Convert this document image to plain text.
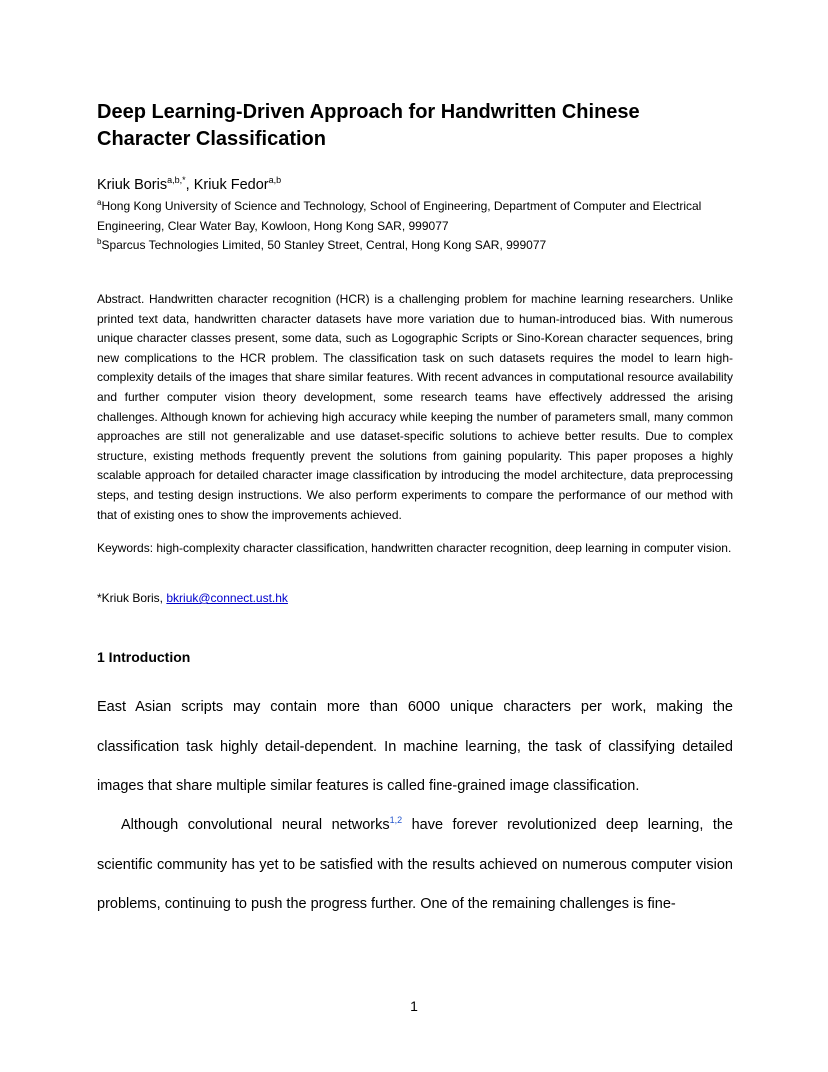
Deep Learning-Driven Approach for Handwritten Chinese
Character Classification
Kriuk Boris$^{a,b,*}$, Kriuk Fedor$^{a,b}$
$^a$Hong Kong University of Science and Technology, School of Engineering, Department of Computer and Electrical Engineering, Clear Water Bay, Kowloon, Hong Kong SAR, 999077
$^b$Sparcus Technologies Limited, 50 Stanley Street, Central, Hong Kong SAR, 999077
Abstract. Handwritten character recognition (HCR) is a challenging problem for machine learning researchers. Unlike printed text data, handwritten character datasets have more variation due to human-introduced bias. With numerous unique character classes present, some data, such as Logographic Scripts or Sino-Korean character sequences, bring new complications to the HCR problem. The classification task on such datasets requires the model to learn high-complexity details of the images that share similar features. With recent advances in computational resource availability and further computer vision theory development, some research teams have effectively addressed the arising challenges. Although known for achieving high accuracy while keeping the number of parameters small, many common approaches are still not generalizable and use dataset-specific solutions to achieve better results. Due to complex structure, existing methods frequently prevent the solutions from gaining popularity. This paper proposes a highly scalable approach for detailed character image classification by introducing the model architecture, data preprocessing steps, and testing design instructions. We also perform experiments to compare the performance of our method with that of existing ones to show the improvements achieved.
Keywords: high-complexity character classification, handwritten character recognition, deep learning in computer vision.
*Kriuk Boris, bkriuk@connect.ust.hk
1 Introduction
East Asian scripts may contain more than 6000 unique characters per work, making the classification task highly detail-dependent. In machine learning, the task of classifying detailed images that share multiple similar features is called fine-grained image classification.
Although convolutional neural networks$^{1,2}$ have forever revolutionized deep learning, the scientific community has yet to be satisfied with the results achieved on numerous computer vision problems, continuing to push the progress further. One of the remaining challenges is fine-
1
